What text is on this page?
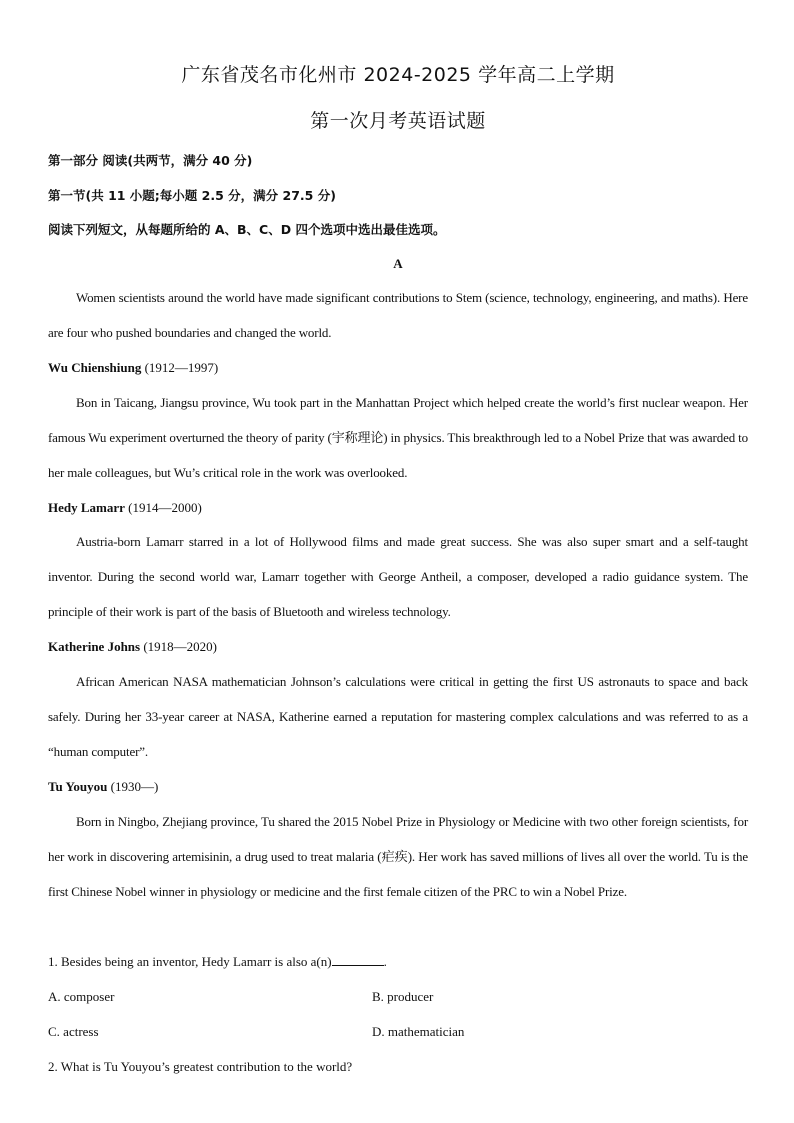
广东省茂名市化州市 2024-2025 学年高二上学期
第一次月考英语试题
第一部分 阅读(共两节，满分 40 分)
第一节(共 11 小题;每小题 2.5 分，满分 27.5 分)
阅读下列短文，从每题所给的 A、B、C、D 四个选项中选出最佳选项。
A
Women scientists around the world have made significant contributions to Stem (science, technology, engineering, and maths). Here are four who pushed boundaries and changed the world.
Wu Chienshiung (1912—1997)
Bon in Taicang, Jiangsu province, Wu took part in the Manhattan Project which helped create the world’s first nuclear weapon. Her famous Wu experiment overturned the theory of parity (宇称理论) in physics. This breakthrough led to a Nobel Prize that was awarded to her male colleagues, but Wu’s critical role in the work was overlooked.
Hedy Lamarr (1914—2000)
Austria-born Lamarr starred in a lot of Hollywood films and made great success. She was also super smart and a self-taught inventor. During the second world war, Lamarr together with George Antheil, a composer, developed a radio guidance system. The principle of their work is part of the basis of Bluetooth and wireless technology.
Katherine Johns (1918—2020)
African American NASA mathematician Johnson’s calculations were critical in getting the first US astronauts to space and back safely. During her 33-year career at NASA, Katherine earned a reputation for mastering complex calculations and was referred to as a “human computer”.
Tu Youyou (1930—)
Born in Ningbo, Zhejiang province, Tu shared the 2015 Nobel Prize in Physiology or Medicine with two other foreign scientists, for her work in discovering artemisinin, a drug used to treat malaria (疟疾). Her work has saved millions of lives all over the world. Tu is the first Chinese Nobel winner in physiology or medicine and the first female citizen of the PRC to win a Nobel Prize.
1. Besides being an inventor, Hedy Lamarr is also a(n)	.
A. composer	B. producer
C. actress	D. mathematician
2. What is Tu Youyou’s greatest contribution to the world?
